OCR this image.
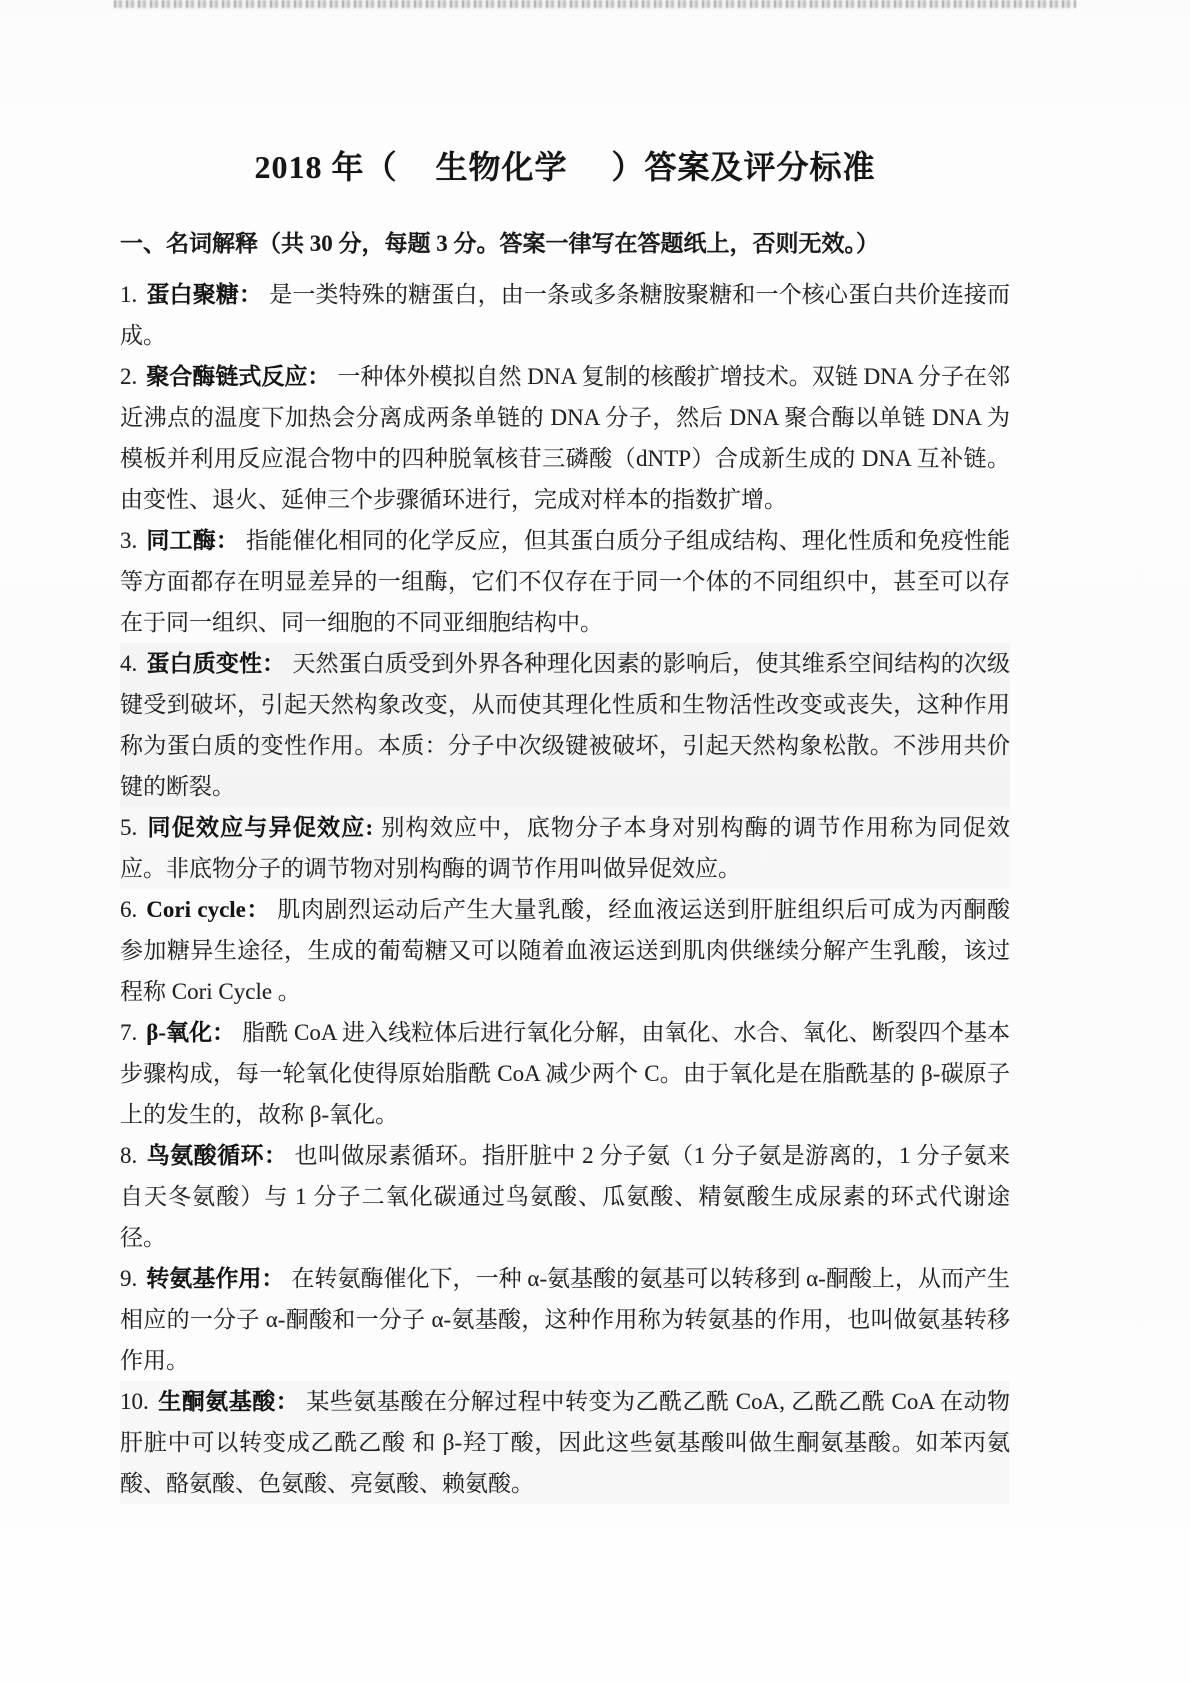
2018 年（ 生物化学 ）答案及评分标准

一、名词解释（共 30 分，每题 3 分。答案一律写在答题纸上，否则无效。）

1. 蛋白聚糖： 是一类特殊的糖蛋白，由一条或多条糖胺聚糖和一个核心蛋白共价连接而成。

2. 聚合酶链式反应： 一种体外模拟自然 DNA 复制的核酸扩增技术。双链 DNA 分子在邻近沸点的温度下加热会分离成两条单链的 DNA 分子，然后 DNA 聚合酶以单链 DNA 为模板并利用反应混合物中的四种脱氧核苷三磷酸（dNTP）合成新生成的 DNA 互补链。由变性、退火、延伸三个步骤循环进行，完成对样本的指数扩增。

3. 同工酶： 指能催化相同的化学反应，但其蛋白质分子组成结构、理化性质和免疫性能等方面都存在明显差异的一组酶，它们不仅存在于同一个体的不同组织中，甚至可以存在于同一组织、同一细胞的不同亚细胞结构中。

4. 蛋白质变性： 天然蛋白质受到外界各种理化因素的影响后，使其维系空间结构的次级键受到破坏，引起天然构象改变，从而使其理化性质和生物活性改变或丧失，这种作用称为蛋白质的变性作用。本质：分子中次级键被破坏，引起天然构象松散。不涉用共价键的断裂。

5. 同促效应与异促效应: 别构效应中，底物分子本身对别构酶的调节作用称为同促效应。非底物分子的调节物对别构酶的调节作用叫做异促效应。

6. Cori cycle： 肌肉剧烈运动后产生大量乳酸，经血液运送到肝脏组织后可成为丙酮酸参加糖异生途径，生成的葡萄糖又可以随着血液运送到肌肉供继续分解产生乳酸，该过程称 Cori Cycle 。

7. β-氧化： 脂酰 CoA 进入线粒体后进行氧化分解，由氧化、水合、氧化、断裂四个基本步骤构成，每一轮氧化使得原始脂酰 CoA 减少两个 C。由于氧化是在脂酰基的 β-碳原子上的发生的，故称 β-氧化。

8. 鸟氨酸循环： 也叫做尿素循环。指肝脏中 2 分子氨（1 分子氨是游离的，1 分子氨来自天冬氨酸）与 1 分子二氧化碳通过鸟氨酸、瓜氨酸、精氨酸生成尿素的环式代谢途径。

9. 转氨基作用： 在转氨酶催化下，一种 α-氨基酸的氨基可以转移到 α-酮酸上，从而产生相应的一分子 α-酮酸和一分子 α-氨基酸，这种作用称为转氨基的作用，也叫做氨基转移作用。

10. 生酮氨基酸： 某些氨基酸在分解过程中转变为乙酰乙酰 CoA, 乙酰乙酰 CoA 在动物肝脏中可以转变成乙酰乙酸 和 β-羟丁酸，因此这些氨基酸叫做生酮氨基酸。如苯丙氨酸、酪氨酸、色氨酸、亮氨酸、赖氨酸。
